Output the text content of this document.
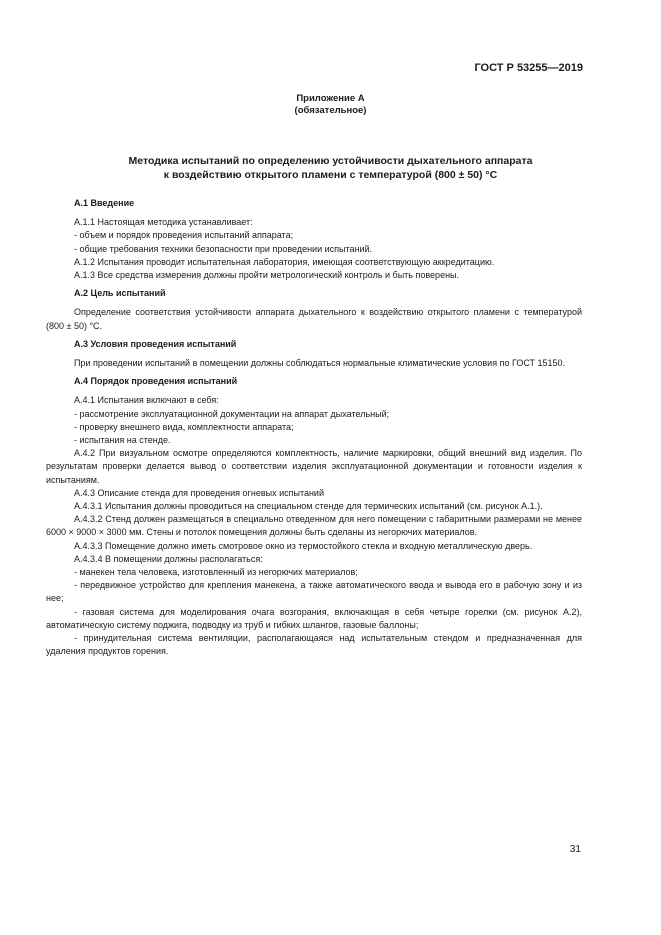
ГОСТ Р 53255—2019
Приложение А
(обязательное)
Методика испытаний по определению устойчивости дыхательного аппарата
к воздействию открытого пламени с температурой (800 ± 50) °С
А.1 Введение
А.1.1 Настоящая методика устанавливает:
- объем и порядок проведения испытаний аппарата;
- общие требования техники безопасности при проведении испытаний.
А.1.2 Испытания проводит испытательная лаборатория, имеющая соответствующую аккредитацию.
А.1.3 Все средства измерения должны пройти метрологический контроль и быть поверены.
А.2 Цель испытаний
Определение соответствия устойчивости аппарата дыхательного к воздействию открытого пламени с температурой (800 ± 50) °С.
А.3 Условия проведения испытаний
При проведении испытаний в помещении должны соблюдаться нормальные климатические условия по ГОСТ 15150.
А.4 Порядок проведения испытаний
А.4.1 Испытания включают в себя:
- рассмотрение эксплуатационной документации на аппарат дыхательный;
- проверку внешнего вида, комплектности аппарата;
- испытания на стенде.
А.4.2 При визуальном осмотре определяются комплектность, наличие маркировки, общий внешний вид изделия. По результатам проверки делается вывод о соответствии изделия эксплуатационной документации и готовности изделия к испытаниям.
А.4.3 Описание стенда для проведения огневых испытаний
А.4.3.1 Испытания должны проводиться на специальном стенде для термических испытаний (см. рисунок А.1.).
А.4.3.2 Стенд должен размещаться в специально отведенном для него помещении с габаритными размерами не менее 6000 × 9000 × 3000 мм. Стены и потолок помещения должны быть сделаны из негорючих материалов.
А.4.3.3 Помещение должно иметь смотровое окно из термостойкого стекла и входную металлическую дверь.
А.4.3.4 В помещении должны располагаться:
- манекен тела человека, изготовленный из негорючих материалов;
- передвижное устройство для крепления манекена, а также автоматического ввода и вывода его в рабочую зону и из нее;
- газовая система для моделирования очага возгорания, включающая в себя четыре горелки (см. рисунок А.2), автоматическую систему поджига, подводку из труб и гибких шлангов, газовые баллоны;
- принудительная система вентиляции, располагающаяся над испытательным стендом и предназначенная для удаления продуктов горения.
31
